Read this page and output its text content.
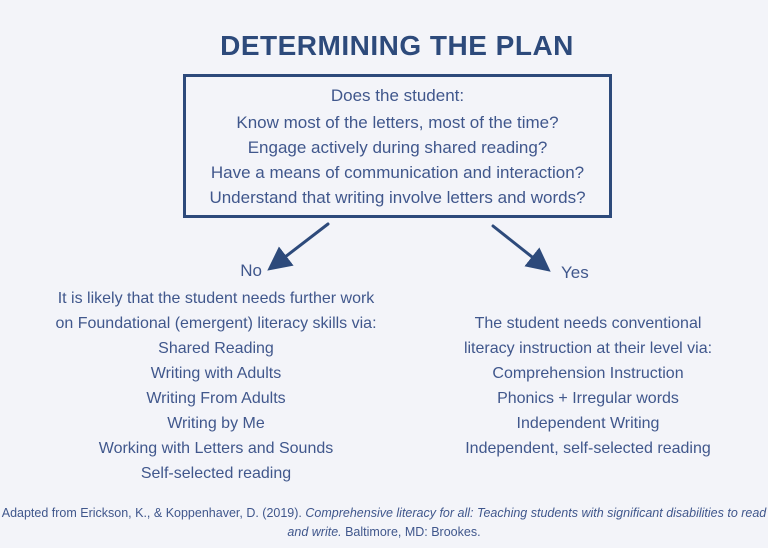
DETERMINING THE PLAN
Does the student:
Know most of the letters, most of the time?
Engage actively during shared reading?
Have a means of communication and interaction?
Understand that writing involve letters and words?
No	Yes
It is likely that the student needs further work
on Foundational (emergent) literacy skills via:
Shared Reading
Writing with Adults
Writing From Adults
Writing by Me
Working with Letters and Sounds
Self-selected reading
The student needs conventional
literacy instruction at their level via:
Comprehension Instruction
Phonics + Irregular words
Independent Writing
Independent, self-selected reading
Adapted from Erickson, K., & Koppenhaver, D. (2019). Comprehensive literacy for all: Teaching students with significant disabilities to read
and write. Baltimore, MD: Brookes.
